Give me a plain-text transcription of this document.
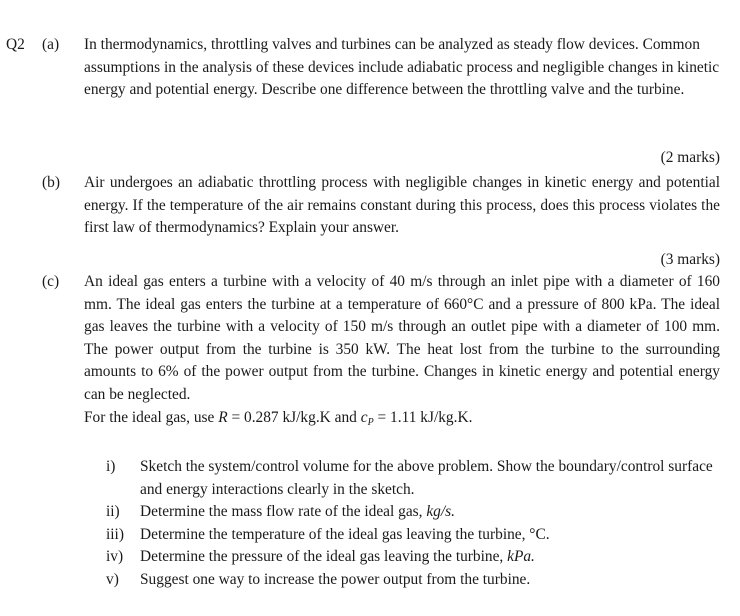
Q2 (a)
(b)
(c)
In thermodynamics, throttling valves and turbines can be analyzed as steady flow devices. Common assumptions in the analysis of these devices include adiabatic process and negligible changes in kinetic energy and potential energy. Describe one difference between the throttling valve and the turbine.
(2 marks)
Air undergoes an adiabatic throttling process with negligible changes in kinetic energy and potential energy. If the temperature of the air remains constant during this process, does this process violates the first law of thermodynamics? Explain your answer.
(3 marks)
An ideal gas enters a turbine with a velocity of 40 m/s through an inlet pipe with a diameter of 160 mm. The ideal gas enters the turbine at a temperature of 660°C and a pressure of 800 kPa. The ideal gas leaves the turbine with a velocity of 150 m/s through an outlet pipe with a diameter of 100 mm. The power output from the turbine is 350 kW. The heat lost from the turbine to the surrounding amounts to 6% of the power output from the turbine. Changes in kinetic energy and potential energy can be neglected.
For the ideal gas, use R = 0.287 kJ/kg.K and $c_P = 1.11$ kJ/kg.K.
i) Sketch the system/control volume for the above problem. Show the boundary/control surface and energy interactions clearly in the sketch.
ii) Determine the mass flow rate of the ideal gas, kg/s.
iii) Determine the temperature of the ideal gas leaving the turbine, °C.
iv) Determine the pressure of the ideal gas leaving the turbine, kPa.
v) Suggest one way to increase the power output from the turbine.
